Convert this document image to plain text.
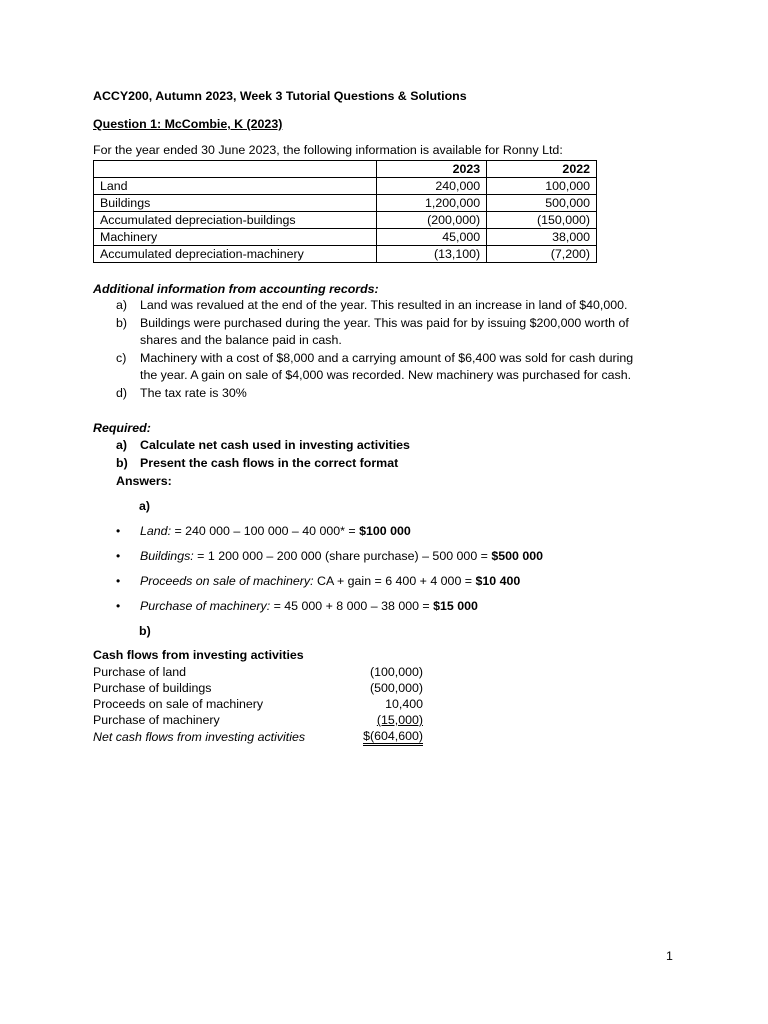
ACCY200, Autumn 2023, Week 3 Tutorial Questions & Solutions
Question 1: McCombie, K (2023)
For the year ended 30 June 2023, the following information is available for Ronny Ltd:
	2023	2022
Land	240,000	100,000
Buildings	1,200,000	500,000
Accumulated depreciation-buildings	(200,000)	(150,000)
Machinery	45,000	38,000
Accumulated depreciation-machinery	(13,100)	(7,200)
Additional information from accounting records:
a)	Land was revalued at the end of the year. This resulted in an increase in land of $40,000.
b)	Buildings were purchased during the year. This was paid for by issuing $200,000 worth of
shares and the balance paid in cash.
c)	Machinery with a cost of $8,000 and a carrying amount of $6,400 was sold for cash during
the year. A gain on sale of $4,000 was recorded. New machinery was purchased for cash.
d)	The tax rate is 30%
Required:
a)	Calculate net cash used in investing activities
b) Present the cash flows in the correct format
Answers:
a)
• Land: = 240 000 – 100 000 – 40 000* = $100 000
• Buildings: = 1 200 000 – 200 000 (share purchase) – 500 000 = $500 000
• Proceeds on sale of machinery: CA + gain = 6 400 + 4 000 = $10 400
• Purchase of machinery: = 45 000 + 8 000 – 38 000 = $15 000
b)
Cash flows from investing activities
Purchase of land	(100,000)
Purchase of buildings	(500,000)
Proceeds on sale of machinery	10,400
Purchase of machinery	(15,000)
Net cash flows from investing activities	$(604,600)
1
